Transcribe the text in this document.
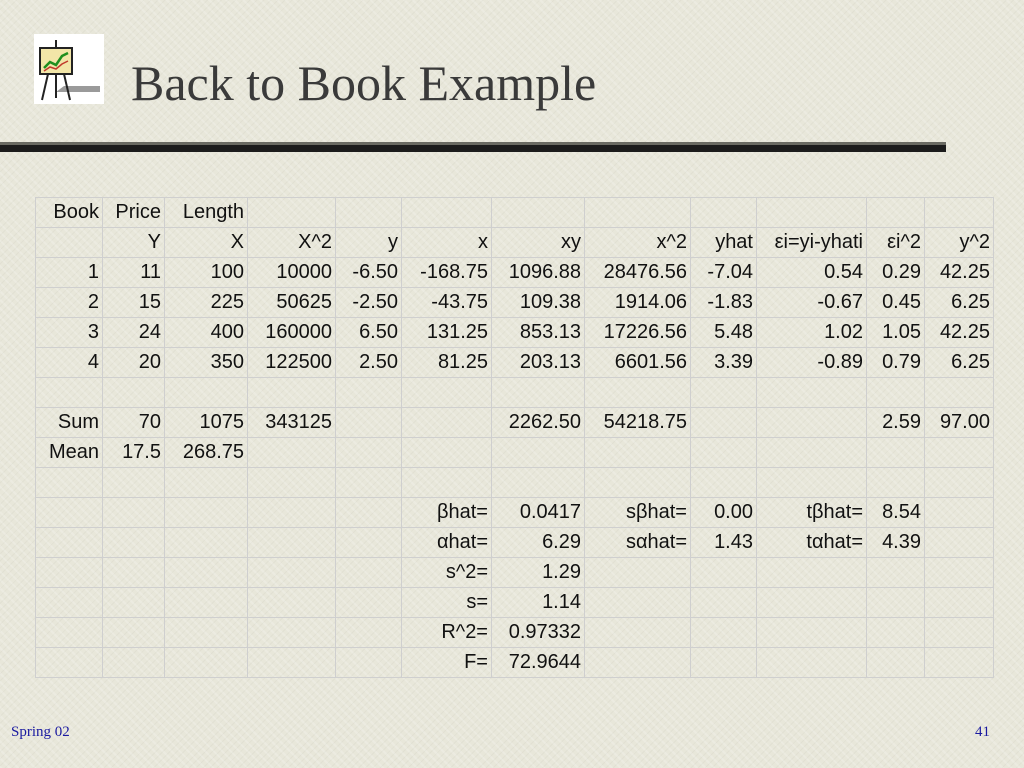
Back to Book Example
Book	Price	Length									
	Y	X	X^2	y	x	xy	x^2	yhat	εi=yi-yhati	εi^2	y^2
1	11	100	10000	-6.50	-168.75	1096.88	28476.56	-7.04	0.54	0.29	42.25
2	15	225	50625	-2.50	-43.75	109.38	1914.06	-1.83	-0.67	0.45	6.25
3	24	400	160000	6.50	131.25	853.13	17226.56	5.48	1.02	1.05	42.25
4	20	350	122500	2.50	81.25	203.13	6601.56	3.39	-0.89	0.79	6.25

Sum	70	1075	343125			2262.50	54218.75			2.59	97.00
Mean	17.5	268.75									

					βhat=	0.0417	sβhat=	0.00	tβhat=	8.54	
					αhat=	6.29	sαhat=	1.43	tαhat=	4.39	
					s^2=	1.29					
					s=	1.14					
					R^2=	0.97332					
					F=	72.9644					
Spring 02	41
